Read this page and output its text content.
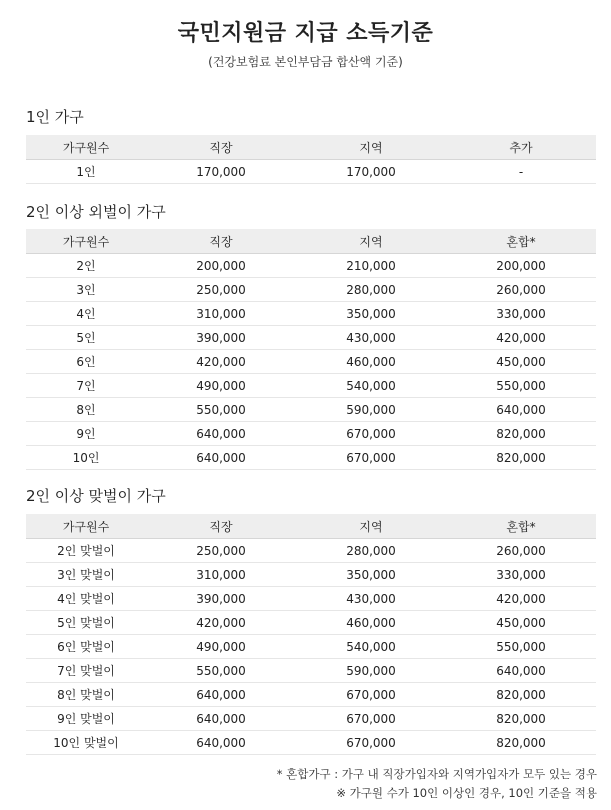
국민지원금 지급 소득기준
(건강보험료 본인부담금 합산액 기준)
1인 가구
가구원수	직장	지역	추가
1인	170,000	170,000	-
2인 이상 외벌이 가구
가구원수	직장	지역	혼합*
2인	200,000	210,000	200,000
3인	250,000	280,000	260,000
4인	310,000	350,000	330,000
5인	390,000	430,000	420,000
6인	420,000	460,000	450,000
7인	490,000	540,000	550,000
8인	550,000	590,000	640,000
9인	640,000	670,000	820,000
10인	640,000	670,000	820,000
2인 이상 맞벌이 가구
가구원수	직장	지역	혼합*
2인 맞벌이	250,000	280,000	260,000
3인 맞벌이	310,000	350,000	330,000
4인 맞벌이	390,000	430,000	420,000
5인 맞벌이	420,000	460,000	450,000
6인 맞벌이	490,000	540,000	550,000
7인 맞벌이	550,000	590,000	640,000
8인 맞벌이	640,000	670,000	820,000
9인 맞벌이	640,000	670,000	820,000
10인 맞벌이	640,000	670,000	820,000
* 혼합가구 : 가구 내 직장가입자와 지역가입자가 모두 있는 경우
※ 가구원 수가 10인 이상인 경우, 10인 기준을 적용
